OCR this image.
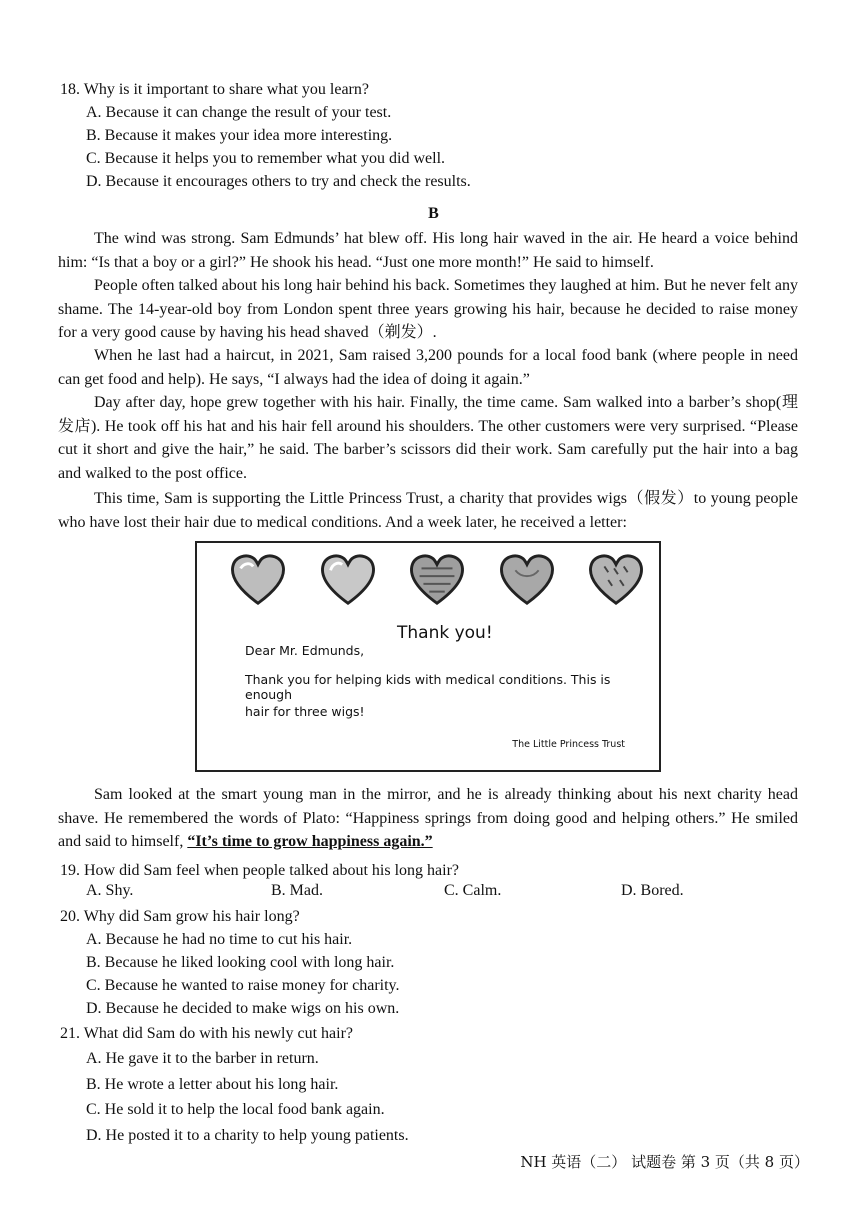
18. Why is it important to share what you learn?
A. Because it can change the result of your test.
B. Because it makes your idea more interesting.
C. Because it helps you to remember what you did well.
D. Because it encourages others to try and check the results.
B
The wind was strong. Sam Edmunds’ hat blew off. His long hair waved in the air. He heard a voice behind him: “Is that a boy or a girl?” He shook his head. “Just one more month!” He said to himself.
People often talked about his long hair behind his back. Sometimes they laughed at him. But he never felt any shame. The 14-year-old boy from London spent three years growing his hair, because he decided to raise money for a very good cause by having his head shaved（剃发）.
When he last had a haircut, in 2021, Sam raised 3,200 pounds for a local food bank (where people in need can get food and help). He says, “I always had the idea of doing it again.”
Day after day, hope grew together with his hair. Finally, the time came. Sam walked into a barber’s shop(理发店). He took off his hat and his hair fell around his shoulders. The other customers were very surprised. “Please cut it short and give the hair,” he said. The barber’s scissors did their work. Sam carefully put the hair into a bag and walked to the post office.
This time, Sam is supporting the Little Princess Trust, a charity that provides wigs（假发）to young people who have lost their hair due to medical conditions. And a week later, he received a letter:
Thank you!
Dear Mr. Edmunds,
Thank you for helping kids with medical conditions. This is enough
hair for three wigs!
The Little Princess Trust
Sam looked at the smart young man in the mirror, and he is already thinking about his next charity head shave. He remembered the words of Plato: “Happiness springs from doing good and helping others.” He smiled and said to himself, “It’s time to grow happiness again.”
19. How did Sam feel when people talked about his long hair?
A. Shy.	B. Mad.	C. Calm.	D. Bored.
20. Why did Sam grow his hair long?
A. Because he had no time to cut his hair.
B. Because he liked looking cool with long hair.
C. Because he wanted to raise money for charity.
D. Because he decided to make wigs on his own.
21. What did Sam do with his newly cut hair?
A. He gave it to the barber in return.
B. He wrote a letter about his long hair.
C. He sold it to help the local food bank again.
D. He posted it to a charity to help young patients.
NH 英语（二） 试题卷 第 3 页（共 8 页）
